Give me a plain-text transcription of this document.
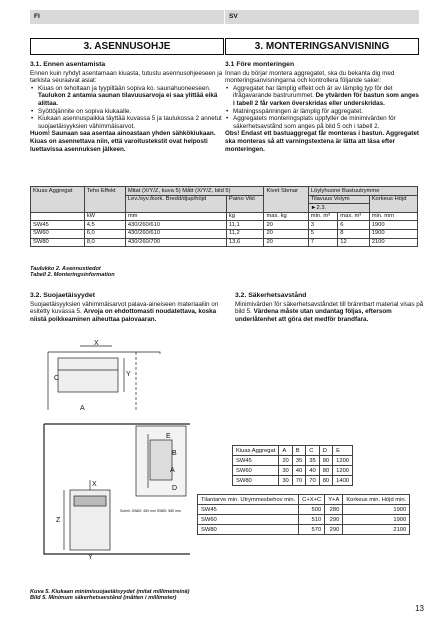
FI	SV
3. ASENNUSOHJE	3. MONTERINGSANVISNING
3.1. Ennen asentamista

Ennen kuin ryhdyt asentamaan kiuasta, tutustu asennusohjeeseen ja tarkista seuraavat asiat:

• Kiuas on teholtaan ja tyypiltään sopiva ko. saunahuoneeseen. Taulukon 2 antamia saunan tilavuusarvoja ei saa ylittää eikä alittaa.
• Syöttöjännite on sopiva kiukaalle.
• Kiukaan asennuspaikka täyttää kuvassa 5 ja taulukossa 2 annetut suojaetäisyyksien vähimmäisarvot.

Huom! Saunaan saa asentaa ainoastaan yhden sähkökiukaan. Kiuas on asennettava niin, että varoitustekstit ovat helposti luettavissa asennuksen jälkeen.

3.1 Före monteringen

Innan du börjar montera aggregatet, ska du bekanta dig med monteringsanvisningarna och kontrollera följande saker:

• Aggregatet har lämplig effekt och är av lämplig typ för det ifrågavarande bastrurummet. De ytvärden för bastun som anges i tabell 2 får varken överskridas eller underskridas.
• Matningsspänningen är lämplig för aggregatet.
• Aggregatets monteringsplats uppfyller de minimivärden för säkerhetsavstånd som anges på bild 5 och i tabell 2.

Obs! Endast ett bastuaggregat får monteras i bastun. Aggregatet ska monteras så att varningstextena är lätta att läsa efter monteringen.

Kiuas Aggregat	Teho Effekt	Mitat (X/Y/Z, kuva 5) Mått (X/Y/Z, bild 5)		Kivet Stenar	Löylyhuone Bastuutrymme		
		Lev./syv./kork. Bredd/djup/höjd	Paino Vikt		Tilavuus Volym		Korkeus Höjd
					►2.3.		
	kW	mm	kg	max. kg	min. m³	max. m³	min. mm
SW45	4,5	430/260/610	11,1	20	3	6	1900
SW60	6,0	430/260/610	11,2	20	5	8	1900
SW80	8,0	430/260/700	13,6	20	7	12	2100
Taulukko 2. Asennustiedot
Tabell 2. Monteringsinformation
3.2. Suojaetäisyydet

Suojaetäisyyksien vähimmäisarvot palava-aineiseen materiaaliin on esitetty kuvassa 5. Arvoja on ehdottomasti noudatettava, koska niistä poikkeaminen aiheuttaa palovaaran.

3.2. Säkerhetsavstånd

Minimivärden för säkerhetsavståndet till brännbart material visas på bild 5. Värdena måste utan undantag följas, eftersom underlåtenhet att göra det medför brandfara.

X
Y
C
A
E
B
A
D
Z
Y
X
Soheli, SW60: 450 mm SW80: 580 mm
Kiuas Aggregat	A	B	C	D	E
SW45	20	35	35	80	1200
SW60	30	40	40	80	1200
SW80	30	70	70	80	1400
Tilantarve min. Utrymmesbehov min.	C+X+C	Y+A	Korkeus min. Höjd min.
SW45	500	280	1900
SW60	510	290	1900
SW80	570	290	2100
Kuva 5. Kiukaan minimisuojaetäisyydet (mitat millimetreinä)
Bild 5. Minimum säkerhetsavstånd (måtten i millimeter)
13
